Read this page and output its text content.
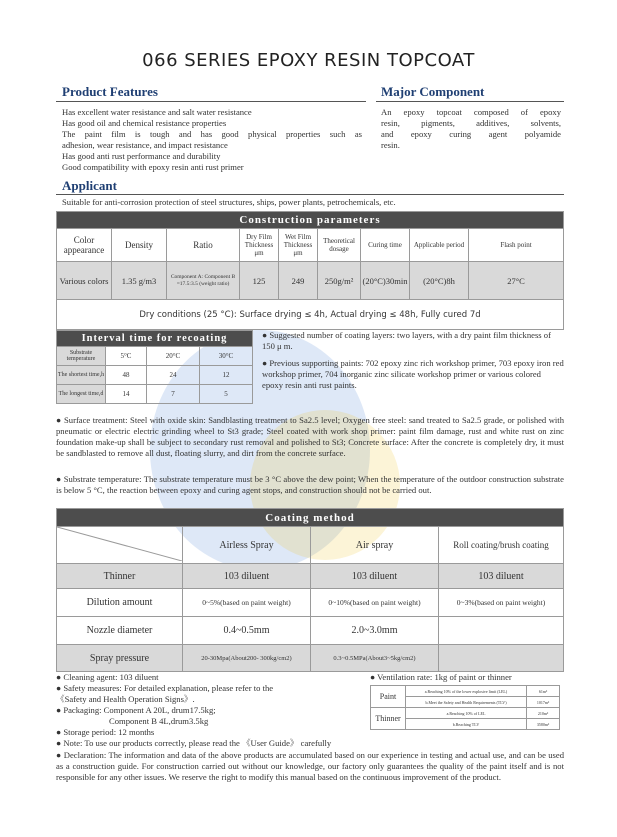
066 SERIES EPOXY RESIN TOPCOAT
Product Features
Has excellent water resistance and salt water resistance
Has good oil and chemical resistance properties
The paint film is tough and has good physical properties such as
adhesion, wear resistance, and impact resistance
Has good anti rust performance and durability
Good compatibility with epoxy resin anti rust primer
Major Component
An epoxy topcoat composed of epoxy
resin, pigments, additives, solvents,
and epoxy curing agent polyamide
resin.
Applicant
Suitable for anti-corrosion protection of steel structures, ships, power plants, petrochemicals, etc.
Construction parameters								
Color appearance	Density	Ratio	Dry Film Thickness μm	Wet Film Thickness μm	Theoretical dosage	Curing time	Applicable period	Flash point
Various colors	1.35 g/m3	Component A: Component B =17.5:3.5 (weight ratio)	125	249	250g/m²	(20°C)30min	(20°C)8h	27°C
Dry conditions (25 °C): Surface drying ≤ 4h, Actual drying ≤ 48h, Fully cured 7d								
Interval time for recoating			
Substrate temperature	5°C	20°C	30°C
The shortest time,h	48	24	12
The longest time,d	14	7	5
● Suggested number of coating layers: two layers, with a dry paint film thickness of 150 μ m.
● Previous supporting paints: 702 epoxy zinc rich workshop primer, 703 epoxy iron red workshop primer, 704 inorganic zinc silicate workshop primer or various colored epoxy resin anti rust paints.
● Surface treatment: Steel with oxide skin: Sandblasting treatment to Sa2.5 level; Oxygen free steel: sand treated to Sa2.5 grade, or polished with pneumatic or electric electric grinding wheel to St3 grade; Steel coated with work shop primer: paint film damage, rust and white rust on zinc foundation make-up shall be subject to secondary rust removal and polished to St3; Concrete surface: After the concrete is completely dry, it must be sandblasted to remove all dust, floating slurry, and dirt from the concrete surface.
● Substrate temperature: The substrate temperature must be 3 °C above the dew point; When the temperature of the outdoor construction substrate is below 5 °C, the reaction between epoxy and curing agent stops, and construction should not be carried out.
Coating method			
	Airless Spray	Air spray	Roll coating/brush coating
Thinner	103 diluent	103 diluent	103 diluent
Dilution amount	0~5%(based on paint weight)	0~10%(based on paint weight)	0~3%(based on paint weight)
Nozzle diameter	0.4~0.5mm	2.0~3.0mm	
Spray pressure	20-30Mpa(About200- 300kg/cm2)	0.3~0.5MPa(About3~5kg/cm2)	
● Cleaning agent: 103 diluent
● Safety measures: For detailed explanation, please refer to the
《Safety and Health Operation Signs》.
● Packaging: Component A 20L, drum17.5kg;
Component B 4L,drum3.5kg
● Storage period: 12 months
● Note: To use our products correctly, please read the 《User Guide》 carefully
● Declaration: The information and data of the above products are accumulated based on our experience in testing and actual use, and can be used as a construction guide. For construction carried out without our knowledge, our factory only guarantees the quality of the paint itself and is not responsible for any other issues. We reserve the right to modify this manual based on the continuous improvement of the product.
● Ventilation rate: 1kg of paint or thinner
Paint	a.Reaching 10% of the lower explosive limit (LEL)	61m³
	b.Meet the Safety and Health Requirements (TLV)	1017m³
Thinner	a.Reaching 10% of LEL	210m³
	b.Reaching TLV	3580m³
